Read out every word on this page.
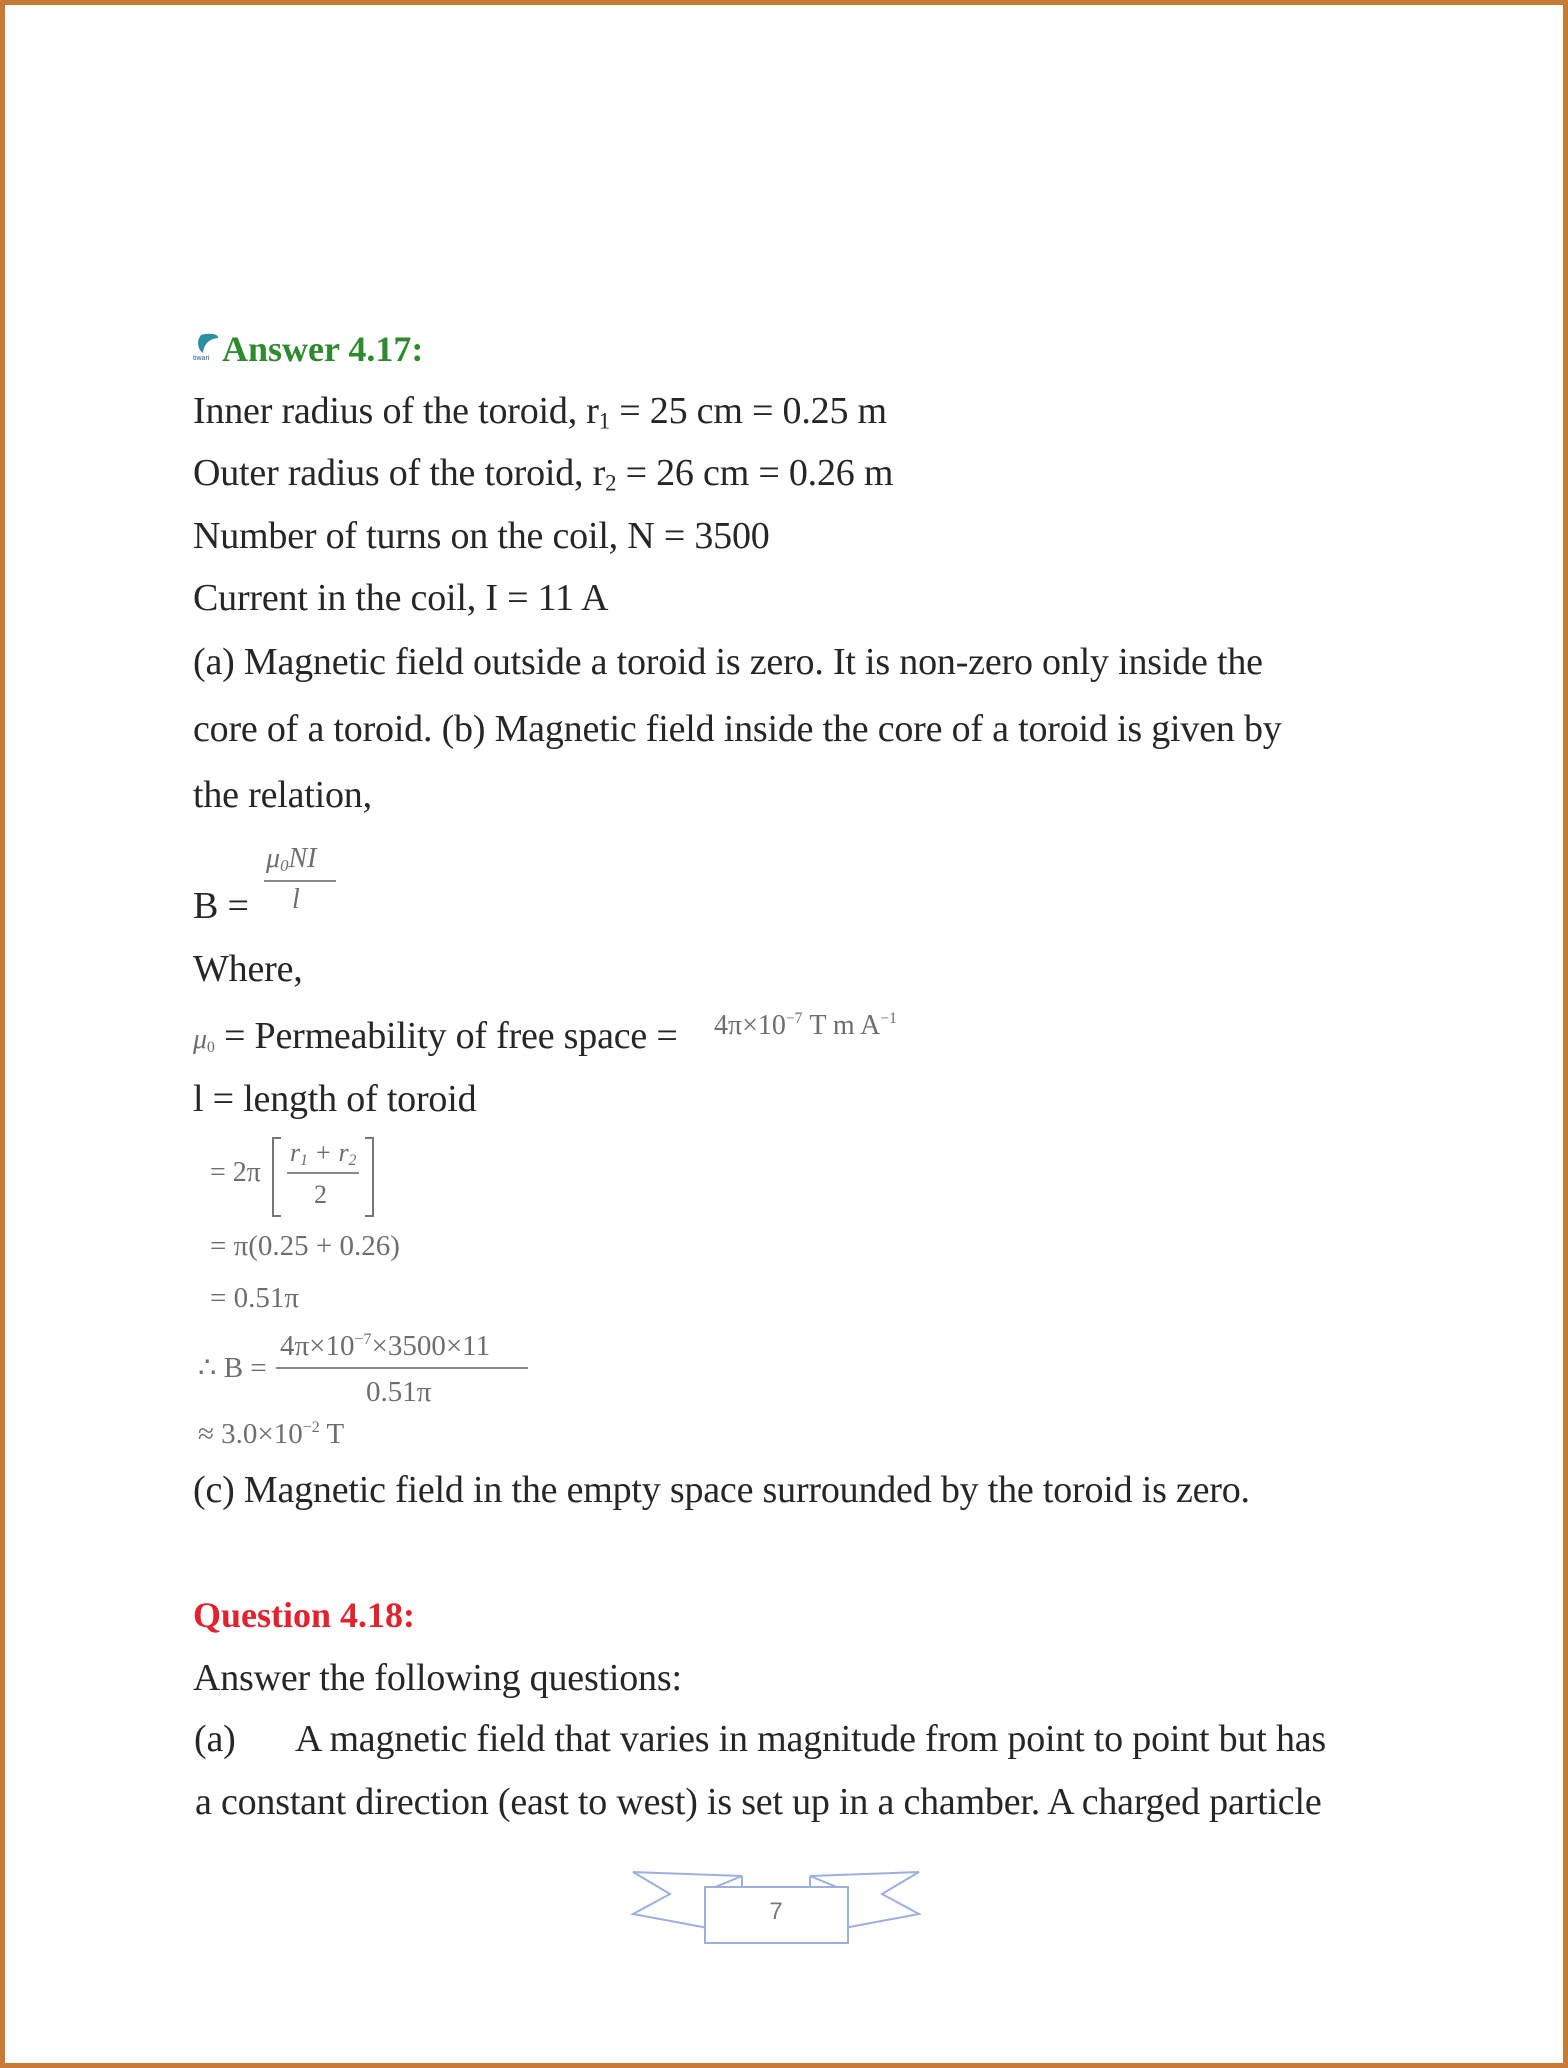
tiwari Answer 4.17:
Inner radius of the toroid, $r_1 = 25$ cm = 0.25 m
Outer radius of the toroid, $r_2 = 26$ cm = 0.26 m
Number of turns on the coil, N = 3500
Current in the coil, I = 11 A
(a) Magnetic field outside a toroid is zero. It is non-zero only inside the
core of a toroid. (b) Magnetic field inside the core of a toroid is given by
the relation,
B =
$\mu_0NI$
l
Where,
$\mu_0$ = Permeability of free space = $4\pi\times 10^{-7}$ T m $A^{-1}$
l = length of toroid
= 2π
$r_1 + r_2$
2
= π(0.25 + 0.26)
= 0.51π
∴ B =
$4\pi\times 10^{-7}\times 3500\times 11$
0.51π
≈ $3.0\times 10^{-2}$ T
(c) Magnetic field in the empty space surrounded by the toroid is zero.
Question 4.18:
Answer the following questions:
(a) A magnetic field that varies in magnitude from point to point but has
a constant direction (east to west) is set up in a chamber. A charged particle
7
